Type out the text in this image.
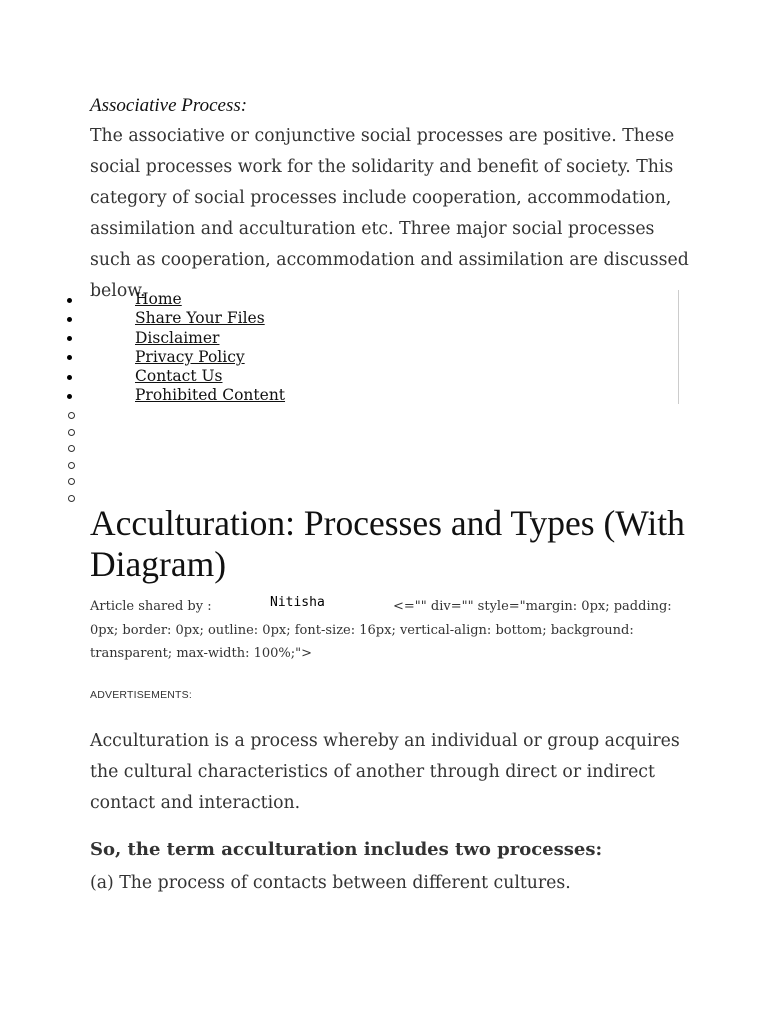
Associative Process:

The associative or conjunctive social processes are positive. These social processes work for the solidarity and benefit of society. This category of social processes include cooperation, accommodation, assimilation and acculturation etc. Three major social processes such as cooperation, accommodation and assimilation are discussed below.

Home
Share Your Files
Disclaimer
Privacy Policy
Contact Us
Prohibited Content
Acculturation: Processes and Types (With Diagram)
Nitisha
Article shared by :	<="" div="" style="margin: 0px; padding: 0px; border: 0px; outline: 0px; font-size: 16px; vertical-align: bottom; background: transparent; max-width: 100%;">
ADVERTISEMENTS:

Acculturation is a process whereby an individual or group acquires the cultural characteristics of another through direct or indirect contact and interaction.

So, the term acculturation includes two processes:

(a) The process of contacts between different cultures.
